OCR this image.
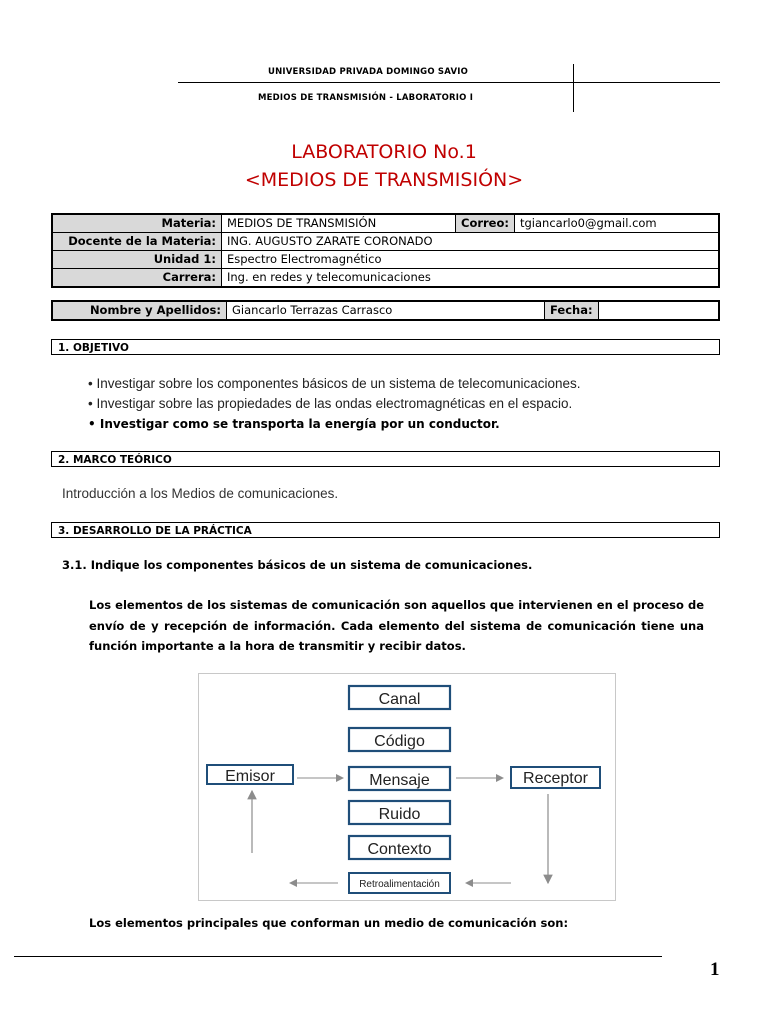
UNIVERSIDAD PRIVADA DOMINGO SAVIO
MEDIOS DE TRANSMISIÓN - LABORATORIO I
LABORATORIO No.1
<MEDIOS DE TRANSMISIÓN>
Materia:	MEDIOS DE TRANSMISIÓN	Correo:	tgiancarlo0@gmail.com
Docente de la Materia:	ING. AUGUSTO ZARATE CORONADO		
Unidad 1:	Espectro Electromagnético		
Carrera:	Ing. en redes y telecomunicaciones		
Nombre y Apellidos:	Giancarlo Terrazas Carrasco	Fecha:	
1. OBJETIVO
• Investigar sobre los componentes básicos de un sistema de telecomunicaciones.
• Investigar sobre las propiedades de las ondas electromagnéticas en el espacio.
• Investigar como se transporta la energía por un conductor.
2. MARCO TEÓRICO
Introducción a los Medios de comunicaciones.
3. DESARROLLO DE LA PRÁCTICA
3.1. Indique los componentes básicos de un sistema de comunicaciones.
Los elementos de los sistemas de comunicación son aquellos que intervienen en el proceso de envío de y recepción de información. Cada elemento del sistema de comunicación tiene una función importante a la hora de transmitir y recibir datos.
Canal
Código
Emisor	Mensaje	Receptor
Ruido
Contexto
Retroalimentación
Los elementos principales que conforman un medio de comunicación son:
1
